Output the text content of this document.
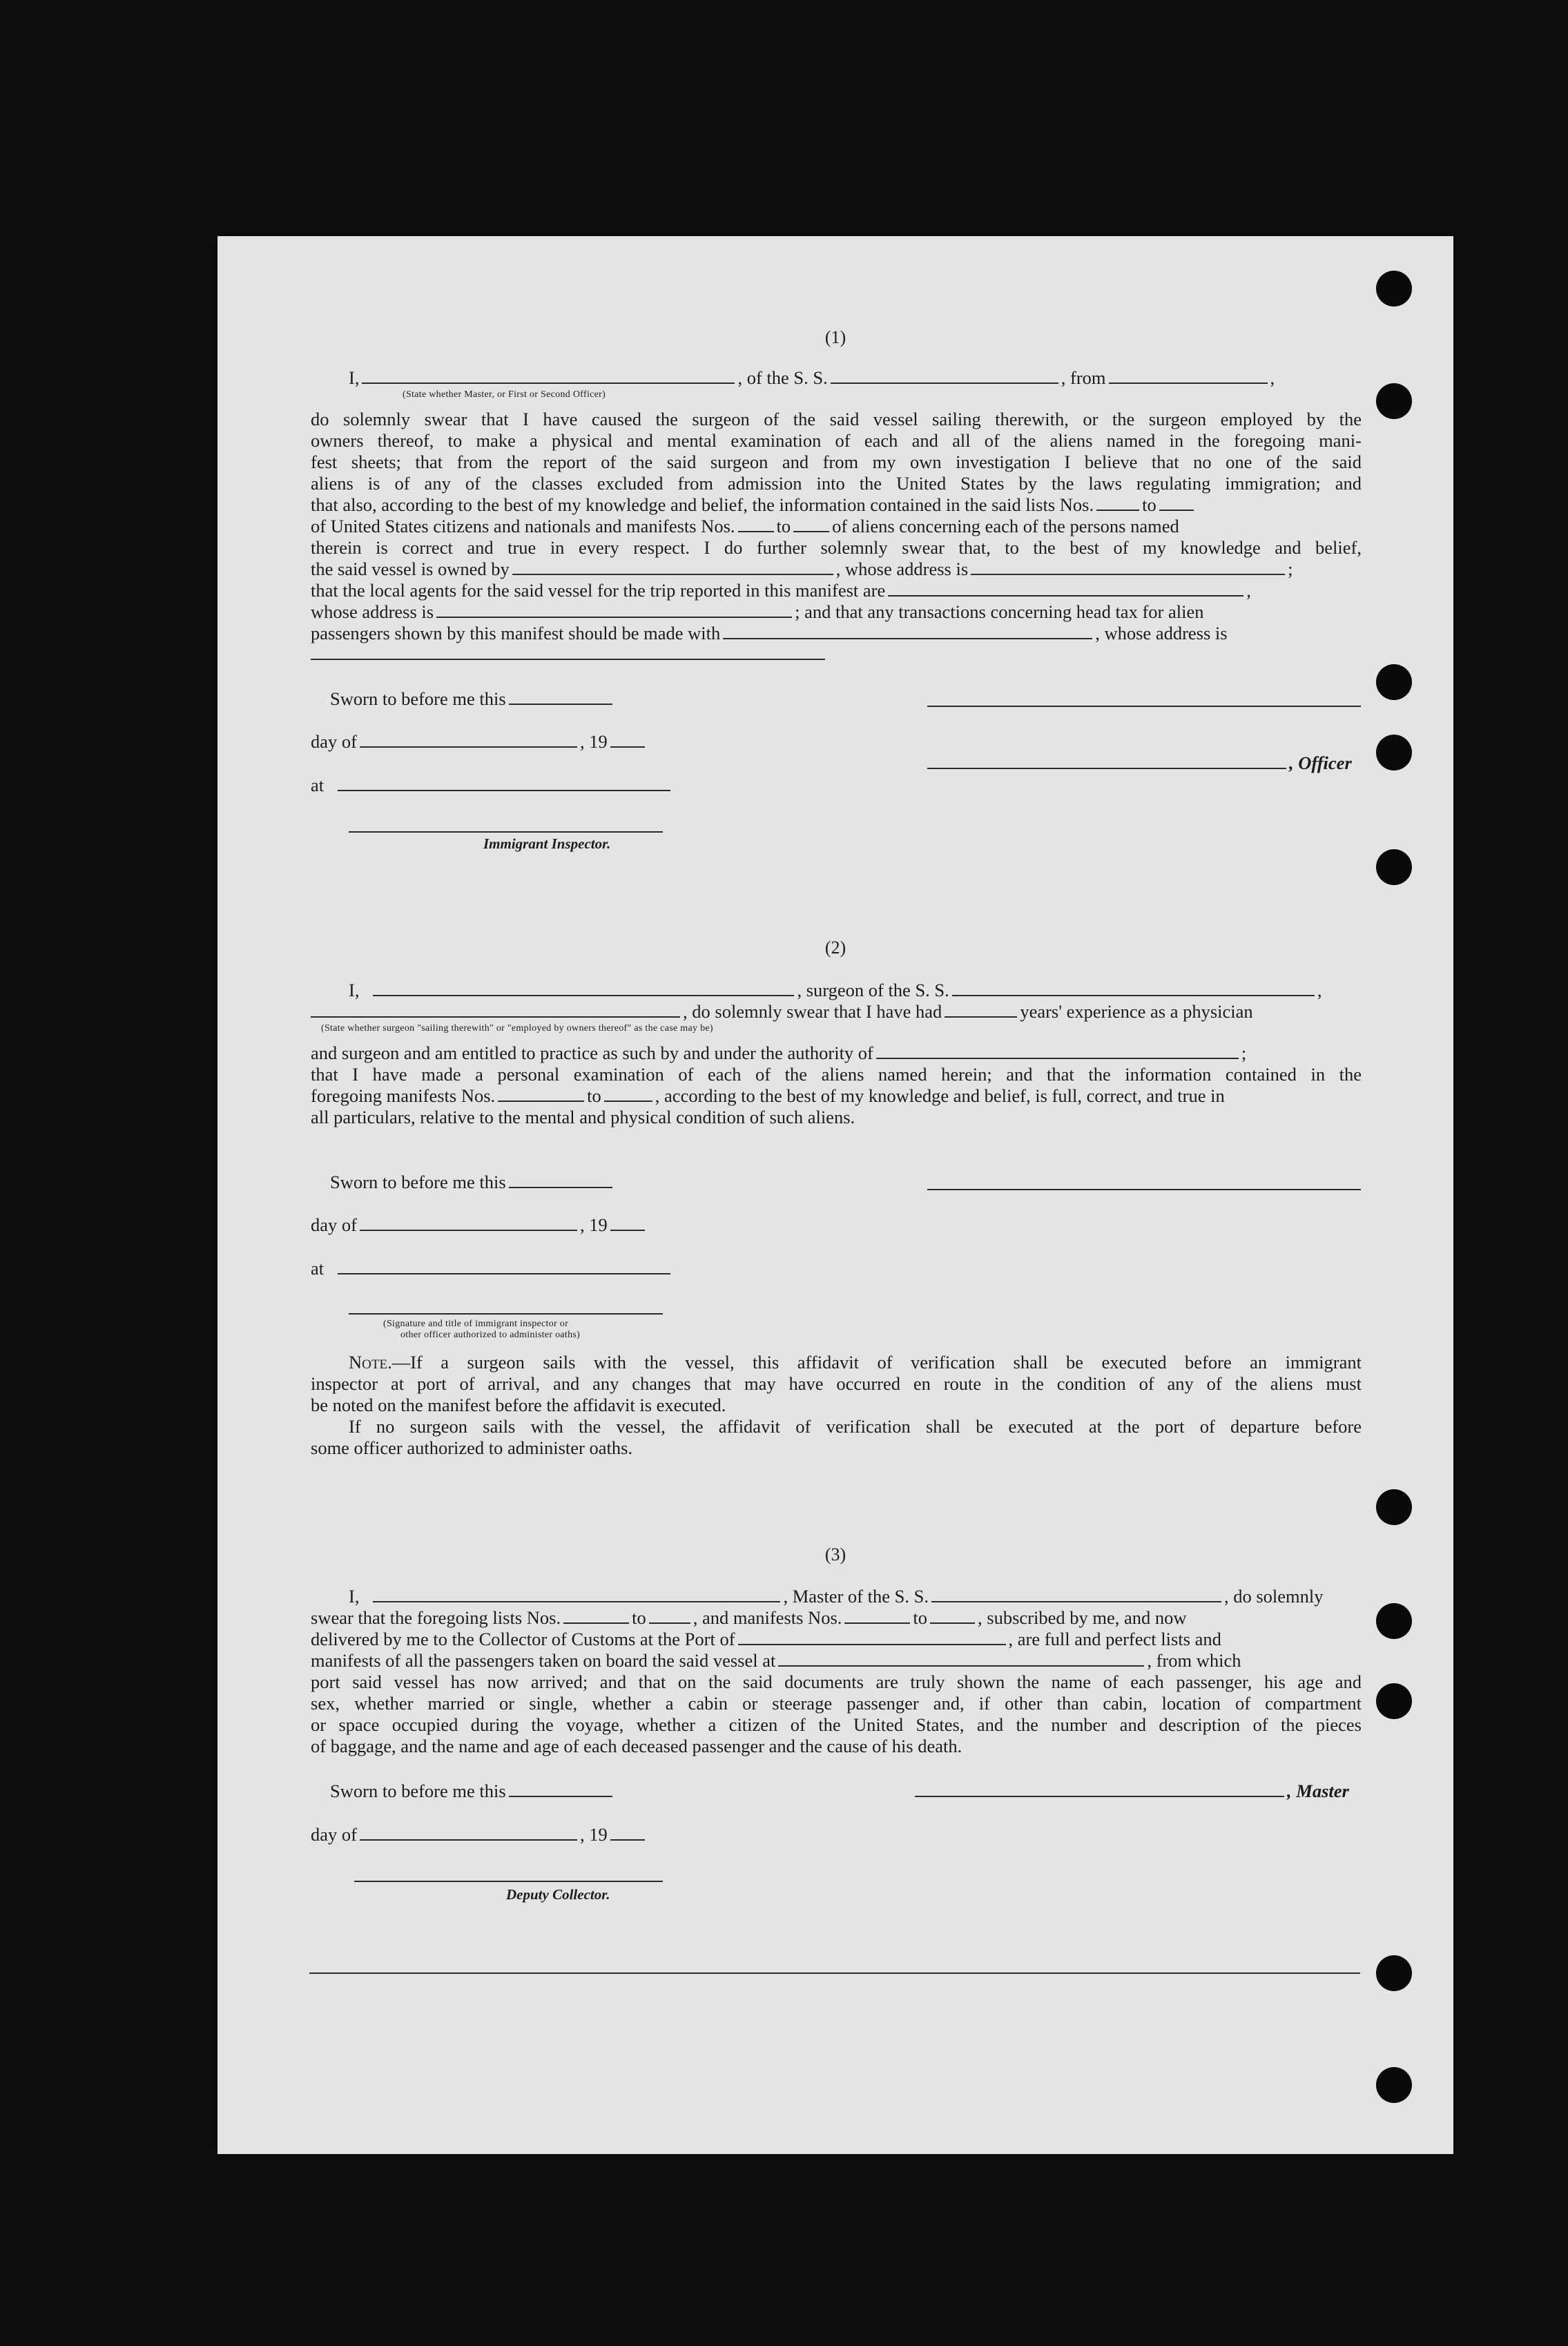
(1)
I,	, of the S. S.	, from	,
(State whether Master, or First or Second Officer)
do solemnly swear that I have caused the surgeon of the said vessel sailing therewith, or the surgeon employed by the
owners thereof, to make a physical and mental examination of each and all of the aliens named in the foregoing mani-
fest sheets; that from the report of the said surgeon and from my own investigation I believe that no one of the said
aliens is of any of the classes excluded from admission into the United States by the laws regulating immigration; and
that also, according to the best of my knowledge and belief, the information contained in the said lists Nos.	to
of United States citizens and nationals and manifests Nos. to of aliens concerning each of the persons named
therein is correct and true in every respect. I do further solemnly swear that, to the best of my knowledge and belief,
the said vessel is owned by	, whose address is	;
that the local agents for the said vessel for the trip reported in this manifest are	,
whose address is	; and that any transactions concerning head tax for alien
passengers shown by this manifest should be made with	, whose address is
Sworn to before me this
day of	, 19
, Officer
at
Immigrant Inspector.
(2)
I,	, surgeon of the S. S.	,
, do solemnly swear that I have had	years' experience as a physician
(State whether surgeon "sailing therewith" or "employed by owners thereof" as the case may be)
and surgeon and am entitled to practice as such by and under the authority of	;
that I have made a personal examination of each of the aliens named herein; and that the information contained in the
foregoing manifests Nos.	to	, according to the best of my knowledge and belief, is full, correct, and true in
all particulars, relative to the mental and physical condition of such aliens.
Sworn to before me this
day of	, 19
at
(Signature and title of immigrant inspector or
other officer authorized to administer oaths)
Note.—If a surgeon sails with the vessel, this affidavit of verification shall be executed before an immigrant
inspector at port of arrival, and any changes that may have occurred en route in the condition of any of the aliens must
be noted on the manifest before the affidavit is executed.
If no surgeon sails with the vessel, the affidavit of verification shall be executed at the port of departure before
some officer authorized to administer oaths.
(3)
I,	, Master of the S. S.	, do solemnly
swear that the foregoing lists Nos.	to	, and manifests Nos.	to	, subscribed by me, and now
delivered by me to the Collector of Customs at the Port of	, are full and perfect lists and
manifests of all the passengers taken on board the said vessel at	, from which
port said vessel has now arrived; and that on the said documents are truly shown the name of each passenger, his age and
sex, whether married or single, whether a cabin or steerage passenger and, if other than cabin, location of compartment
or space occupied during the voyage, whether a citizen of the United States, and the number and description of the pieces
of baggage, and the name and age of each deceased passenger and the cause of his death.
Sworn to before me this	, Master
day of	, 19
Deputy Collector.
